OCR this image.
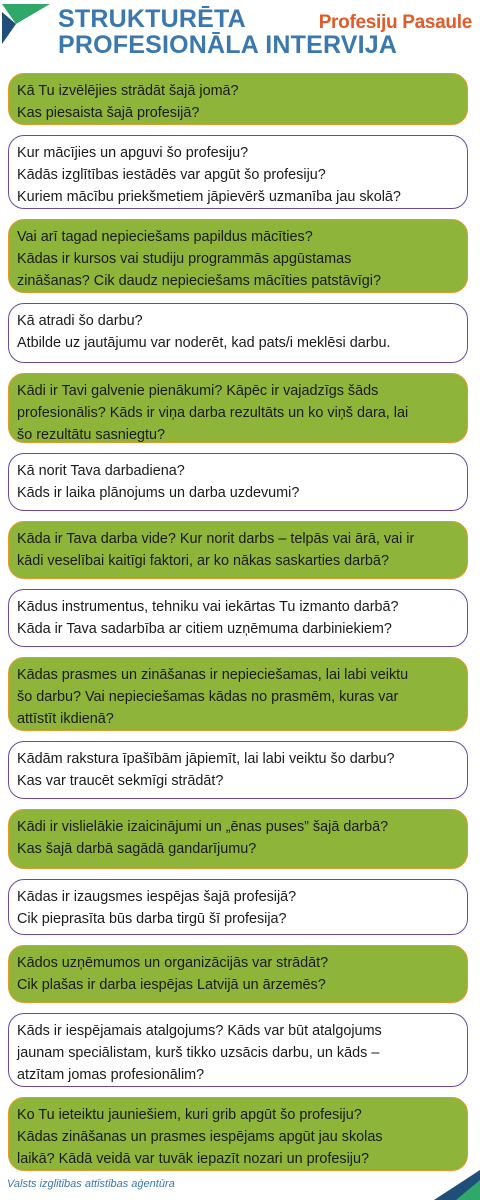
STRUKTURĒTA
PROFESIONĀLA INTERVIJA
Profesiju Pasaule
Kā Tu izvēlējies strādāt šajā jomā?
Kas piesaista šajā profesijā?
Kur mācījies un apguvi šo profesiju?
Kādās izglītības iestādēs var apgūt šo profesiju?
Kuriem mācību priekšmetiem jāpievērš uzmanība jau skolā?
Vai arī tagad nepieciešams papildus mācīties?
Kādas ir kursos vai studiju programmās apgūstamas
zināšanas? Cik daudz nepieciešams mācīties patstāvīgi?
Kā atradi šo darbu?
Atbilde uz jautājumu var noderēt, kad pats/i meklēsi darbu.
Kādi ir Tavi galvenie pienākumi? Kāpēc ir vajadzīgs šāds
profesionālis? Kāds ir viņa darba rezultāts un ko viņš dara, lai
šo rezultātu sasniegtu?
Kā norit Tava darbadiena?
Kāds ir laika plānojums un darba uzdevumi?
Kāda ir Tava darba vide? Kur norit darbs – telpās vai ārā, vai ir
kādi veselībai kaitīgi faktori, ar ko nākas saskarties darbā?
Kādus instrumentus, tehniku vai iekārtas Tu izmanto darbā?
Kāda ir Tava sadarbība ar citiem uzņēmuma darbiniekiem?
Kādas prasmes un zināšanas ir nepieciešamas, lai labi veiktu
šo darbu? Vai nepieciešamas kādas no prasmēm, kuras var
attīstīt ikdienā?
Kādām rakstura īpašībām jāpiemīt, lai labi veiktu šo darbu?
Kas var traucēt sekmīgi strādāt?
Kādi ir vislielākie izaicinājumi un „ēnas puses” šajā darbā?
Kas šajā darbā sagādā gandarījumu?
Kādas ir izaugsmes iespējas šajā profesijā?
Cik pieprasīta būs darba tirgū šī profesija?
Kādos uzņēmumos un organizācijās var strādāt?
Cik plašas ir darba iespējas Latvijā un ārzemēs?
Kāds ir iespējamais atalgojums? Kāds var būt atalgojums
jaunam speciālistam, kurš tikko uzsācis darbu, un kāds –
atzītam jomas profesionālim?
Ko Tu ieteiktu jauniešiem, kuri grib apgūt šo profesiju?
Kādas zināšanas un prasmes iespējams apgūt jau skolas
laikā? Kādā veidā var tuvāk iepazīt nozari un profesiju?
Valsts izglītības attīstības aģentūra
